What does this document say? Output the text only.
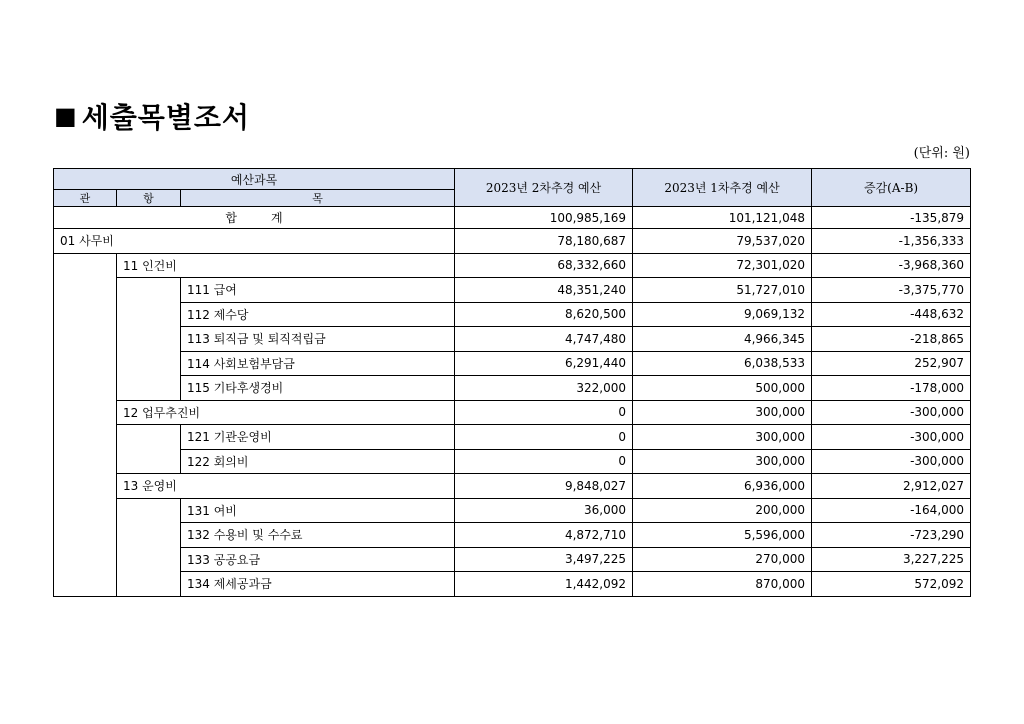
■ 세출목별조서
(단위: 원)
예산과목			2023년 2차추경 예산	2023년 1차추경 예산	증감(A-B)
관	항	목			
합계			100,985,169	101,121,048	-135,879
01 사무비			78,180,687	79,537,020	-1,356,333
	11 인건비		68,332,660	72,301,020	-3,968,360
		111 급여	48,351,240	51,727,010	-3,375,770
		112 제수당	8,620,500	9,069,132	-448,632
		113 퇴직금 및 퇴직적립금	4,747,480	4,966,345	-218,865
		114 사회보험부담금	6,291,440	6,038,533	252,907
		115 기타후생경비	322,000	500,000	-178,000
	12 업무추진비		0	300,000	-300,000
		121 기관운영비	0	300,000	-300,000
		122 회의비	0	300,000	-300,000
	13 운영비		9,848,027	6,936,000	2,912,027
		131 여비	36,000	200,000	-164,000
		132 수용비 및 수수료	4,872,710	5,596,000	-723,290
		133 공공요금	3,497,225	270,000	3,227,225
		134 제세공과금	1,442,092	870,000	572,092
